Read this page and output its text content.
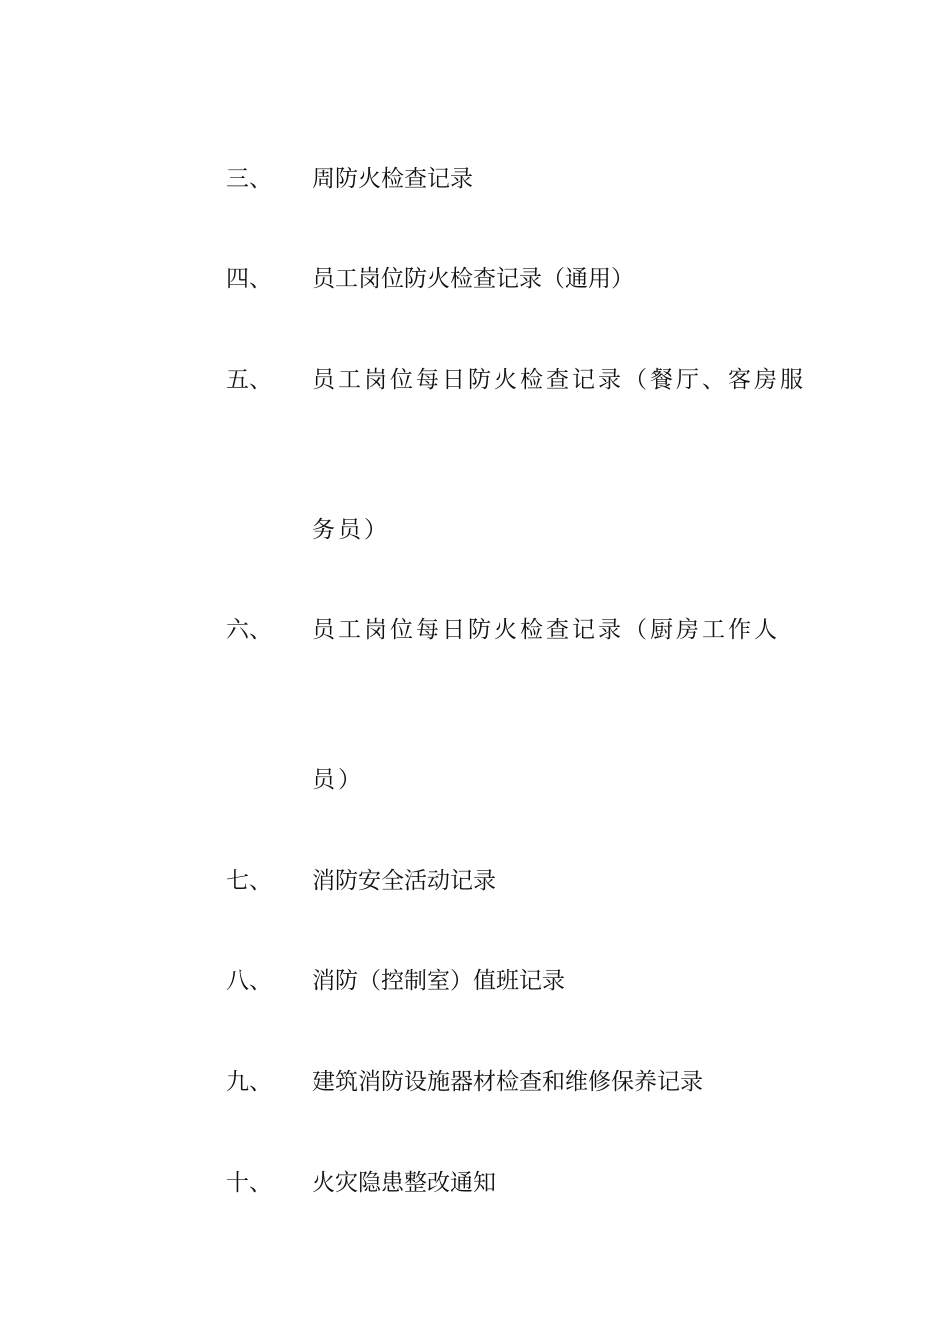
三、	周防火检查记录
四、	员工岗位防火检查记录（通用）
五、	员工岗位每日防火检查记录（餐厅、客房服
务员）
六、	员工岗位每日防火检查记录（厨房工作人
员）
七、	消防安全活动记录
八、	消防（控制室）值班记录
九、	建筑消防设施器材检查和维修保养记录
十、	火灾隐患整改通知
